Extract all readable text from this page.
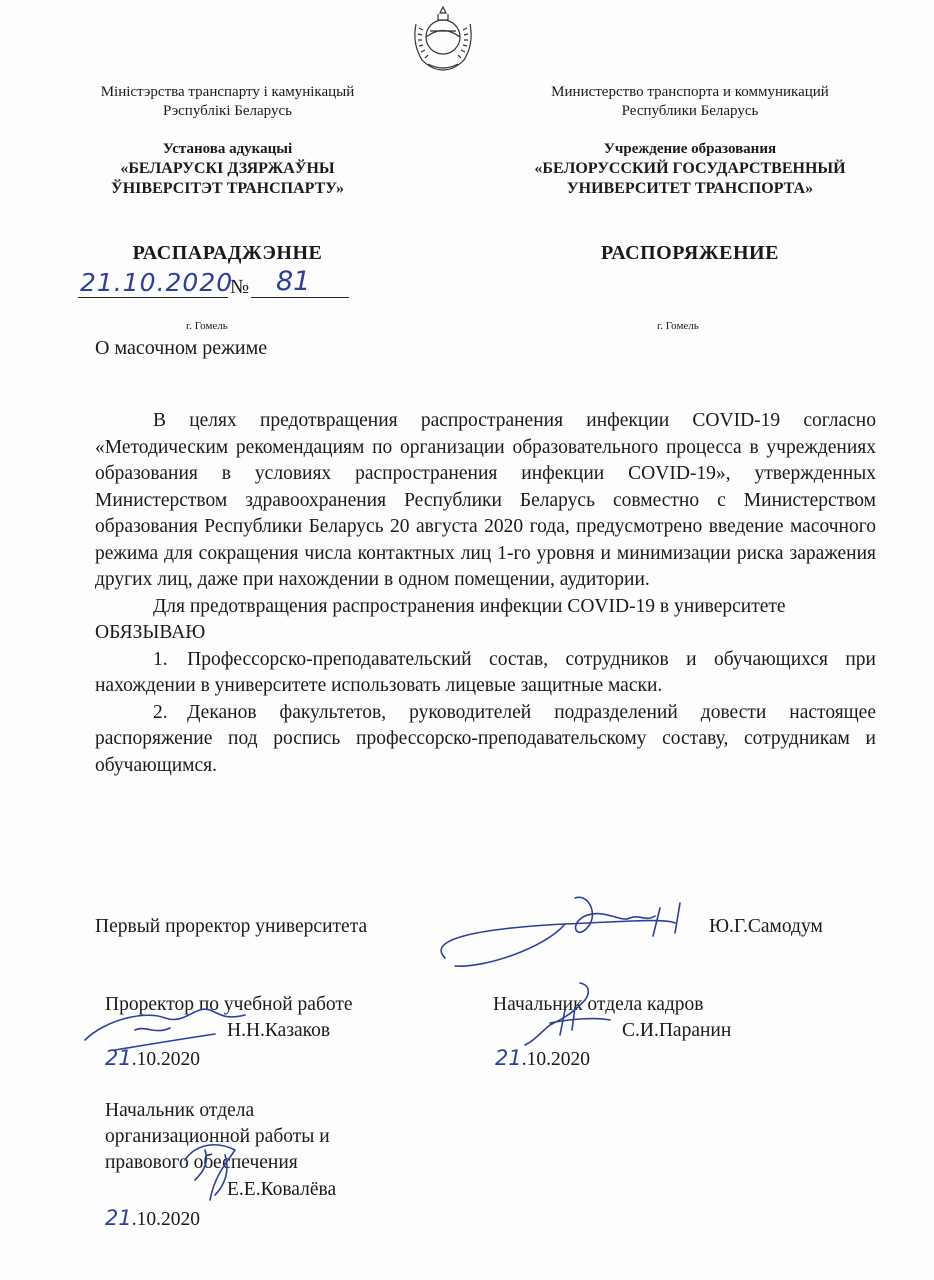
Міністэрства транспарту і камунікацый
Рэспублікі Беларусь
Установа адукацыі
«БЕЛАРУСКІ ДЗЯРЖАЎНЫ
ЎНІВЕРСІТЭТ ТРАНСПАРТУ»
Министерство транспорта и коммуникаций
Республики Беларусь
Учреждение образования
«БЕЛОРУССКИЙ ГОСУДАРСТВЕННЫЙ
УНИВЕРСИТЕТ ТРАНСПОРТА»
РАСПАРАДЖЭННЕ	РАСПОРЯЖЕНИЕ
21.10.2020
№ 81
г. Гомель	г. Гомель
О масочном режиме

В целях предотвращения распространения инфекции COVID-19 согласно «Методическим рекомендациям по организации образовательного процесса в учреждениях образования в условиях распространения инфекции COVID-19», утвержденных Министерством здравоохранения Республики Беларусь совместно с Министерством образования Республики Беларусь 20 августа 2020 года, предусмотрено введение масочного режима для сокращения числа контактных лиц 1-го уровня и минимизации риска заражения других лиц, даже при нахождении в одном помещении, аудитории.

Для предотвращения распространения инфекции COVID-19 в университете

ОБЯЗЫВАЮ

1. Профессорско-преподавательский состав, сотрудников и обучающихся при нахождении в университете использовать лицевые защитные маски.

2. Деканов факультетов, руководителей подразделений довести настоящее распоряжение под роспись профессорско-преподавательскому составу, сотрудникам и обучающимся.

Первый проректор университета	Ю.Г.Самодум
Проректор по учебной работе
Н.Н.Казаков
21.10.2020
Начальник отдела кадров
С.И.Паранин
21.10.2020
Начальник отдела
организационной работы и
правового обеспечения
Е.Е.Ковалёва
21.10.2020
